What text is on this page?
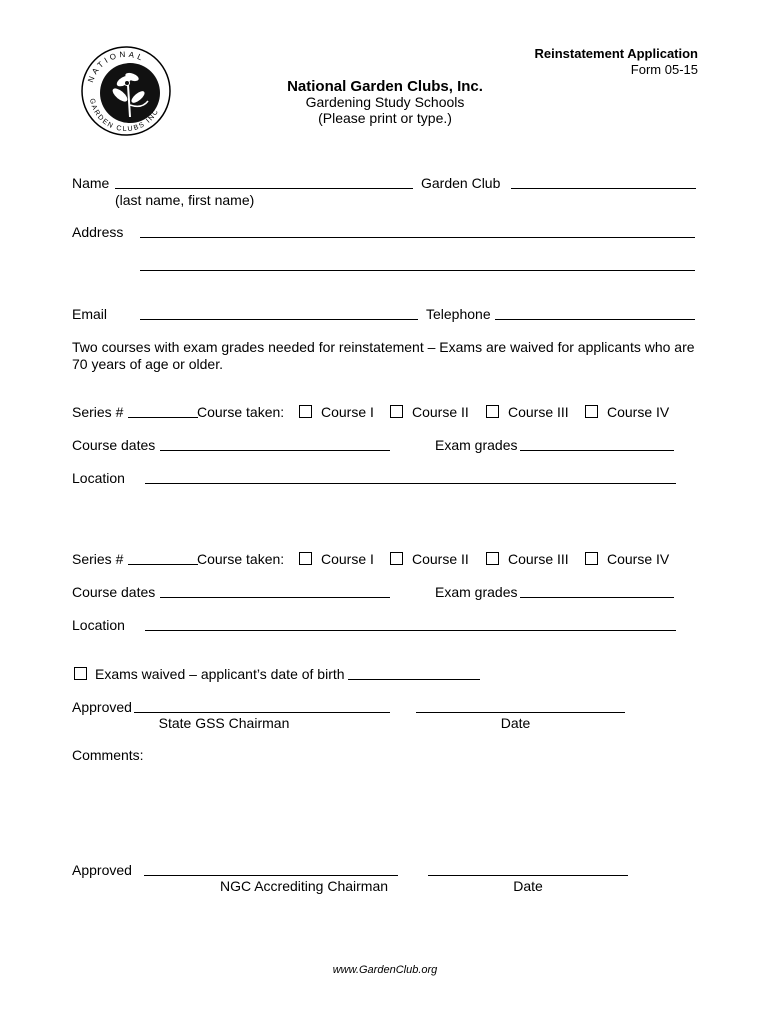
NATIONAL
GARDEN CLUBS INC
Reinstatement Application
Form 05-15
National Garden Clubs, Inc.
Gardening Study Schools
(Please print or type.)
Name
(last name, first name)
Garden Club
Address
Email	Telephone
Two courses with exam grades needed for reinstatement – Exams are waived for applicants who are 70 years of age or older.
Series #	Course taken:	Course I	Course II	Course III	Course IV
Course dates	Exam grades
Location
Series #	Course taken:	Course I	Course II	Course III	Course IV
Course dates	Exam grades
Location
Exams waived – applicant’s date of birth
Approved
State GSS Chairman	Date
Comments:
Approved
NGC Accrediting Chairman	Date
www.GardenClub.org
